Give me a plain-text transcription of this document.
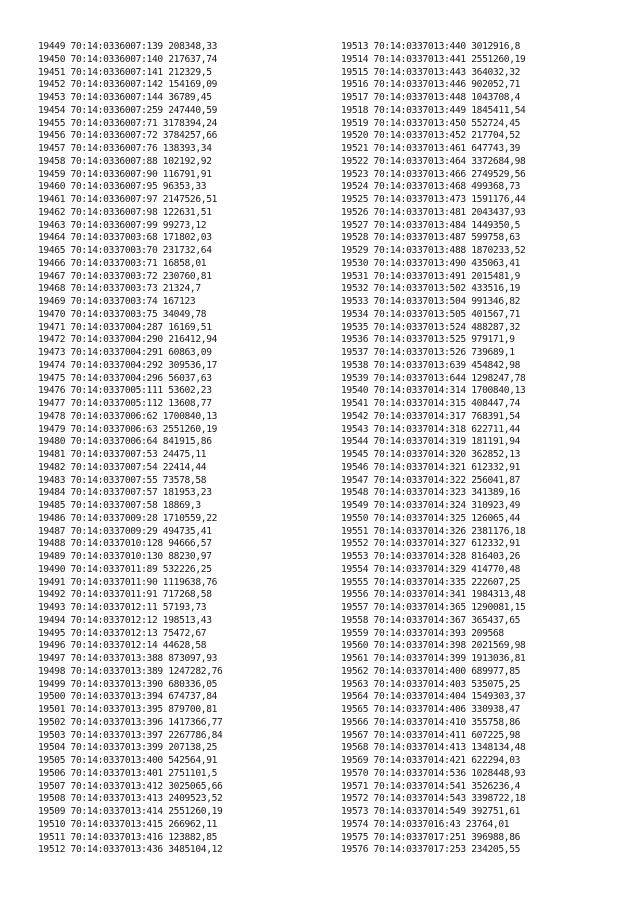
19449 70:14:0336007:139 208348,33
19450 70:14:0336007:140 217637,74
19451 70:14:0336007:141 212329,5
19452 70:14:0336007:142 154169,09
19453 70:14:0336007:144 36789,45
19454 70:14:0336007:259 247440,59
19455 70:14:0336007:71 3178394,24
19456 70:14:0336007:72 3784257,66
19457 70:14:0336007:76 138393,34
19458 70:14:0336007:88 102192,92
19459 70:14:0336007:90 116791,91
19460 70:14:0336007:95 96353,33
19461 70:14:0336007:97 2147526,51
19462 70:14:0336007:98 122631,51
19463 70:14:0336007:99 99273,12
19464 70:14:0337003:68 171802,03
19465 70:14:0337003:70 231732,64
19466 70:14:0337003:71 16858,01
19467 70:14:0337003:72 230760,81
19468 70:14:0337003:73 21324,7
19469 70:14:0337003:74 167123
19470 70:14:0337003:75 34049,78
19471 70:14:0337004:287 16169,51
19472 70:14:0337004:290 216412,94
19473 70:14:0337004:291 60863,09
19474 70:14:0337004:292 309536,17
19475 70:14:0337004:296 56037,63
19476 70:14:0337005:111 53602,23
19477 70:14:0337005:112 13608,77
19478 70:14:0337006:62 1700840,13
19479 70:14:0337006:63 2551260,19
19480 70:14:0337006:64 841915,86
19481 70:14:0337007:53 24475,11
19482 70:14:0337007:54 22414,44
19483 70:14:0337007:55 73578,58
19484 70:14:0337007:57 181953,23
19485 70:14:0337007:58 18869,3
19486 70:14:0337009:28 1710559,22
19487 70:14:0337009:29 494735,41
19488 70:14:0337010:128 94666,57
19489 70:14:0337010:130 88230,97
19490 70:14:0337011:89 532226,25
19491 70:14:0337011:90 1119638,76
19492 70:14:0337011:91 717268,58
19493 70:14:0337012:11 57193,73
19494 70:14:0337012:12 198513,43
19495 70:14:0337012:13 75472,67
19496 70:14:0337012:14 44628,58
19497 70:14:0337013:388 873097,93
19498 70:14:0337013:389 1247282,76
19499 70:14:0337013:390 680336,05
19500 70:14:0337013:394 674737,84
19501 70:14:0337013:395 879700,81
19502 70:14:0337013:396 1417366,77
19503 70:14:0337013:397 2267786,84
19504 70:14:0337013:399 207138,25
19505 70:14:0337013:400 542564,91
19506 70:14:0337013:401 2751101,5
19507 70:14:0337013:412 3025065,66
19508 70:14:0337013:413 2409523,52
19509 70:14:0337013:414 2551260,19
19510 70:14:0337013:415 266962,11
19511 70:14:0337013:416 123882,85
19512 70:14:0337013:436 3485104,12
19513 70:14:0337013:440 3012916,8
19514 70:14:0337013:441 2551260,19
19515 70:14:0337013:443 364032,32
19516 70:14:0337013:446 902052,71
19517 70:14:0337013:448 1043708,4
19518 70:14:0337013:449 1845411,54
19519 70:14:0337013:450 552724,45
19520 70:14:0337013:452 217704,52
19521 70:14:0337013:461 647743,39
19522 70:14:0337013:464 3372684,98
19523 70:14:0337013:466 2749529,56
19524 70:14:0337013:468 499368,73
19525 70:14:0337013:473 1591176,44
19526 70:14:0337013:481 2043437,93
19527 70:14:0337013:484 1449350,5
19528 70:14:0337013:487 599758,63
19529 70:14:0337013:488 1870233,52
19530 70:14:0337013:490 435063,41
19531 70:14:0337013:491 2015481,9
19532 70:14:0337013:502 433516,19
19533 70:14:0337013:504 991346,82
19534 70:14:0337013:505 401567,71
19535 70:14:0337013:524 488287,32
19536 70:14:0337013:525 979171,9
19537 70:14:0337013:526 739689,1
19538 70:14:0337013:639 454842,98
19539 70:14:0337013:644 1298247,78
19540 70:14:0337014:314 1700840,13
19541 70:14:0337014:315 408447,74
19542 70:14:0337014:317 768391,54
19543 70:14:0337014:318 622711,44
19544 70:14:0337014:319 181191,94
19545 70:14:0337014:320 362852,13
19546 70:14:0337014:321 612332,91
19547 70:14:0337014:322 256041,87
19548 70:14:0337014:323 341389,16
19549 70:14:0337014:324 310923,49
19550 70:14:0337014:325 126065,44
19551 70:14:0337014:326 2381176,18
19552 70:14:0337014:327 612332,91
19553 70:14:0337014:328 816403,26
19554 70:14:0337014:329 414770,48
19555 70:14:0337014:335 222607,25
19556 70:14:0337014:341 1984313,48
19557 70:14:0337014:365 1290081,15
19558 70:14:0337014:367 365437,65
19559 70:14:0337014:393 209568
19560 70:14:0337014:398 2021569,98
19561 70:14:0337014:399 1913036,81
19562 70:14:0337014:400 689977,85
19563 70:14:0337014:403 535075,25
19564 70:14:0337014:404 1549303,37
19565 70:14:0337014:406 330938,47
19566 70:14:0337014:410 355758,86
19567 70:14:0337014:411 607225,98
19568 70:14:0337014:413 1348134,48
19569 70:14:0337014:421 622294,03
19570 70:14:0337014:536 1028448,93
19571 70:14:0337014:541 3526236,4
19572 70:14:0337014:543 3398722,18
19573 70:14:0337014:549 392751,61
19574 70:14:0337016:43 23764,01
19575 70:14:0337017:251 396988,86
19576 70:14:0337017:253 234205,55
